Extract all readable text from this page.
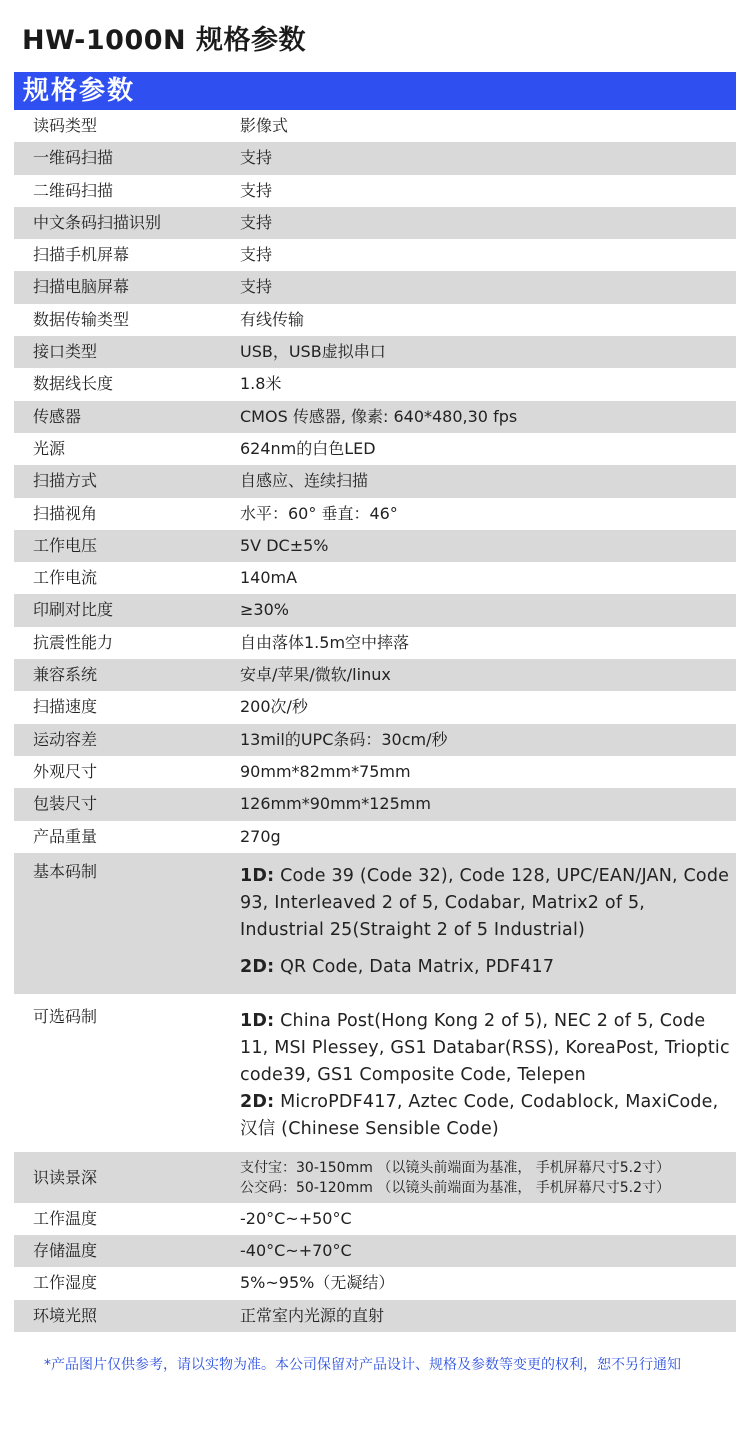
HW-1000N 规格参数
规格参数
读码类型	影像式
一维码扫描	支持
二维码扫描	支持
中文条码扫描识别	支持
扫描手机屏幕	支持
扫描电脑屏幕	支持
数据传输类型	有线传输
接口类型	USB，USB虚拟串口
数据线长度	1.8米
传感器	CMOS 传感器, 像素: 640*480,30 fps
光源	624nm的白色LED
扫描方式	自感应、连续扫描
扫描视角	水平：60° 垂直：46°
工作电压	5V DC±5%
工作电流	140mA
印刷对比度	≥30%
抗震性能力	自由落体1.5m空中摔落
兼容系统	安卓/苹果/微软/linux
扫描速度	200次/秒
运动容差	13mil的UPC条码：30cm/秒
外观尺寸	90mm*82mm*75mm
包装尺寸	126mm*90mm*125mm
产品重量	270g
基本码制	1D: Code 39 (Code 32), Code 128, UPC/EAN/JAN, Code 93, Interleaved 2 of 5, Codabar, Matrix2 of 5, Industrial 25(Straight 2 of 5 Industrial)

2D: QR Code, Data Matrix, PDF417

可选码制	1D: China Post(Hong Kong 2 of 5), NEC 2 of 5, Code 11, MSI Plessey, GS1 Databar(RSS), KoreaPost, Trioptic code39, GS1 Composite Code, Telepen

2D: MicroPDF417, Aztec Code, Codablock, MaxiCode, 汉信 (Chinese Sensible Code)

识读景深	支付宝：30-150mm （以镜头前端面为基准， 手机屏幕尺寸5.2寸）
公交码：50-120mm （以镜头前端面为基准， 手机屏幕尺寸5.2寸）
工作温度	-20°C~+50°C
存储温度	-40°C~+70°C
工作湿度	5%~95%（无凝结）
环境光照	正常室内光源的直射
*产品图片仅供参考，请以实物为准。本公司保留对产品设计、规格及参数等变更的权利，恕不另行通知
